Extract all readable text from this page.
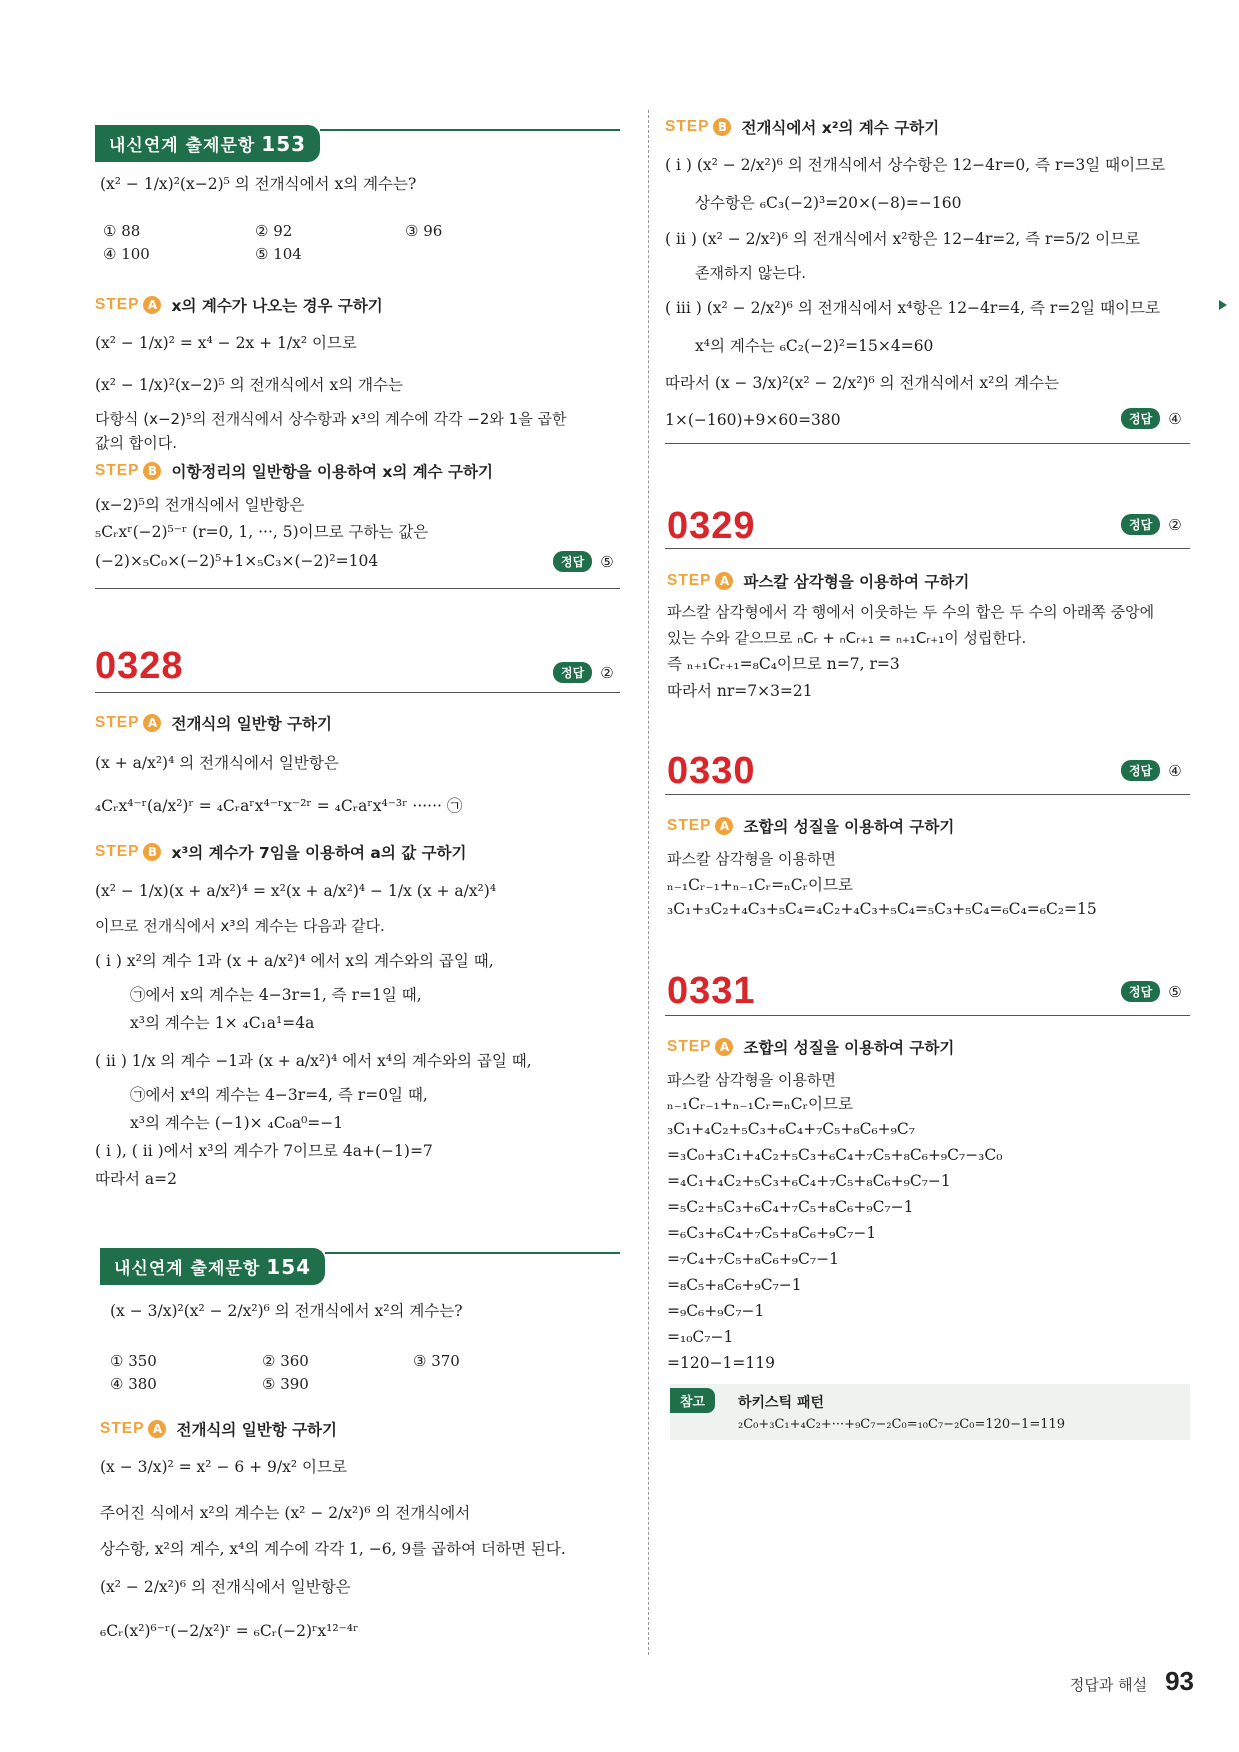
내신연계 출제문항 153
(x² − 1/x)²(x−2)⁵ 의 전개식에서 x의 계수는?
① 88	② 92	③ 96
④ 100	⑤ 104
STEP A x의 계수가 나오는 경우 구하기
(x² − 1/x)² = x⁴ − 2x + 1/x² 이므로
(x² − 1/x)²(x−2)⁵ 의 전개식에서 x의 개수는
다항식 (x−2)⁵의 전개식에서 상수항과 x³의 계수에 각각 −2와 1을 곱한
값의 합이다.
STEP B 이항정리의 일반항을 이용하여 x의 계수 구하기
(x−2)⁵의 전개식에서 일반항은
₅Cᵣxʳ(−2)⁵⁻ʳ (r=0, 1, ···, 5)이므로 구하는 값은
(−2)×₅C₀×(−2)⁵+1×₅C₃×(−2)²=104	정답	⑤
0328	정답	②
STEP A 전개식의 일반항 구하기
(x + a/x²)⁴ 의 전개식에서 일반항은
₄Cᵣx⁴⁻ʳ(a/x²)ʳ = ₄Cᵣaʳx⁴⁻ʳx⁻²ʳ = ₄Cᵣaʳx⁴⁻³ʳ ······ ㉠
STEP B x³의 계수가 7임을 이용하여 a의 값 구하기
(x² − 1/x)(x + a/x²)⁴ = x²(x + a/x²)⁴ − 1/x (x + a/x²)⁴
이므로 전개식에서 x³의 계수는 다음과 같다.
( i ) x²의 계수 1과 (x + a/x²)⁴ 에서 x의 계수와의 곱일 때,
㉠에서 x의 계수는 4−3r=1, 즉 r=1일 때,
x³의 계수는 1× ₄C₁a¹=4a
( ii ) 1/x 의 계수 −1과 (x + a/x²)⁴ 에서 x⁴의 계수와의 곱일 때,
㉠에서 x⁴의 계수는 4−3r=4, 즉 r=0일 때,
x³의 계수는 (−1)× ₄C₀a⁰=−1
( i ), ( ii )에서 x³의 계수가 7이므로 4a+(−1)=7
따라서 a=2
내신연계 출제문항 154
(x − 3/x)²(x² − 2/x²)⁶ 의 전개식에서 x²의 계수는?
① 350	② 360	③ 370
④ 380	⑤ 390
STEP A 전개식의 일반항 구하기
(x − 3/x)² = x² − 6 + 9/x² 이므로
주어진 식에서 x²의 계수는 (x² − 2/x²)⁶ 의 전개식에서
상수항, x²의 계수, x⁴의 계수에 각각 1, −6, 9를 곱하여 더하면 된다.
(x² − 2/x²)⁶ 의 전개식에서 일반항은
₆Cᵣ(x²)⁶⁻ʳ(−2/x²)ʳ = ₆Cᵣ(−2)ʳx¹²⁻⁴ʳ
STEP B 전개식에서 x²의 계수 구하기
( i ) (x² − 2/x²)⁶ 의 전개식에서 상수항은 12−4r=0, 즉 r=3일 때이므로
상수항은 ₆C₃(−2)³=20×(−8)=−160
( ii ) (x² − 2/x²)⁶ 의 전개식에서 x²항은 12−4r=2, 즉 r=5/2 이므로
존재하지 않는다.
( iii ) (x² − 2/x²)⁶ 의 전개식에서 x⁴항은 12−4r=4, 즉 r=2일 때이므로
x⁴의 계수는 ₆C₂(−2)²=15×4=60
따라서 (x − 3/x)²(x² − 2/x²)⁶ 의 전개식에서 x²의 계수는
1×(−160)+9×60=380	정답	④
0329	정답	②
STEP A 파스칼 삼각형을 이용하여 구하기
파스칼 삼각형에서 각 행에서 이웃하는 두 수의 합은 두 수의 아래쪽 중앙에
있는 수와 같으므로 ₙCᵣ + ₙCᵣ₊₁ = ₙ₊₁Cᵣ₊₁이 성립한다.
즉 ₙ₊₁Cᵣ₊₁=₈C₄이므로 n=7, r=3
따라서 nr=7×3=21
0330	정답	④
STEP A 조합의 성질을 이용하여 구하기
파스칼 삼각형을 이용하면
ₙ₋₁Cᵣ₋₁+ₙ₋₁Cᵣ=ₙCᵣ이므로
₃C₁+₃C₂+₄C₃+₅C₄=₄C₂+₄C₃+₅C₄=₅C₃+₅C₄=₆C₄=₆C₂=15
0331	정답	⑤
STEP A 조합의 성질을 이용하여 구하기
파스칼 삼각형을 이용하면
ₙ₋₁Cᵣ₋₁+ₙ₋₁Cᵣ=ₙCᵣ이므로
₃C₁+₄C₂+₅C₃+₆C₄+₇C₅+₈C₆+₉C₇
=₃C₀+₃C₁+₄C₂+₅C₃+₆C₄+₇C₅+₈C₆+₉C₇−₃C₀
=₄C₁+₄C₂+₅C₃+₆C₄+₇C₅+₈C₆+₉C₇−1
=₅C₂+₅C₃+₆C₄+₇C₅+₈C₆+₉C₇−1
=₆C₃+₆C₄+₇C₅+₈C₆+₉C₇−1
=₇C₄+₇C₅+₈C₆+₉C₇−1
=₈C₅+₈C₆+₉C₇−1
=₉C₆+₉C₇−1
=₁₀C₇−1
=120−1=119
참고	하키스틱 패턴
₂C₀+₃C₁+₄C₂+···+₉C₇−₂C₀=₁₀C₇−₂C₀=120−1=119
정답과 해설 93
